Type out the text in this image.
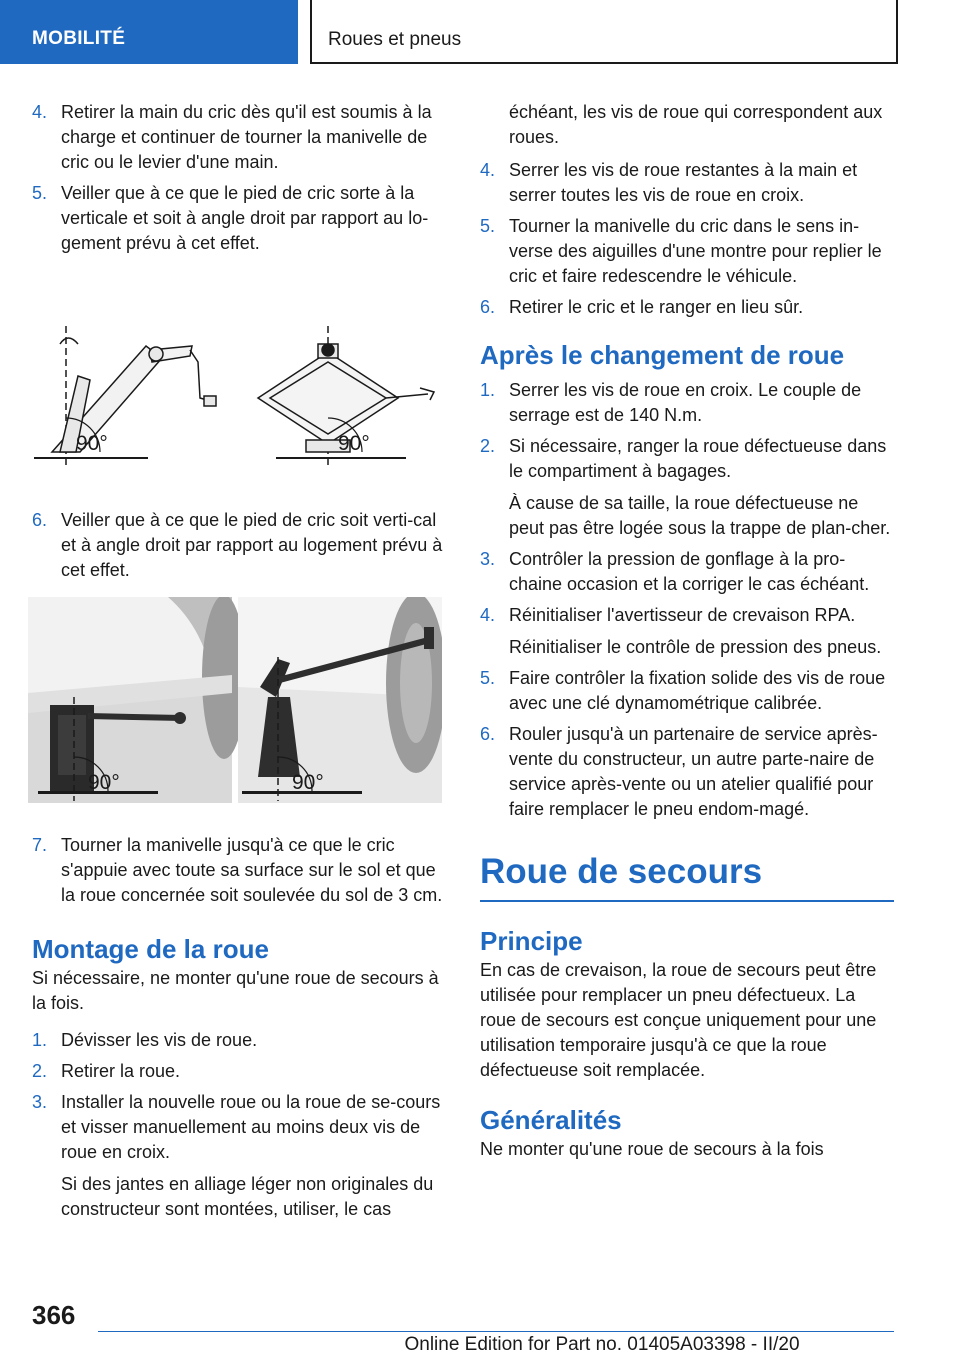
MOBILITÉ	Roues et pneus
4. Retirer la main du cric dès qu'il est soumis à la charge et continuer de tourner la manivelle de cric ou le levier d'une main.

5. Veiller que à ce que le pied de cric sorte à la verticale et soit à angle droit par rapport au lo-gement prévu à cet effet.

90°	90°
6. Veiller que à ce que le pied de cric soit verti-cal et à angle droit par rapport au logement prévu à cet effet.

90°	90°
7. Tourner la manivelle jusqu'à ce que le cric s'appuie avec toute sa surface sur le sol et que la roue concernée soit soulevée du sol de 3 cm.

Montage de la roue

Si nécessaire, ne monter qu'une roue de secours à la fois.

1. Dévisser les vis de roue.

2. Retirer la roue.

3. Installer la nouvelle roue ou la roue de se-cours et visser manuellement au moins deux vis de roue en croix.

Si des jantes en alliage léger non originales du constructeur sont montées, utiliser, le cas

échéant, les vis de roue qui correspondent aux roues.

4. Serrer les vis de roue restantes à la main et serrer toutes les vis de roue en croix.

5. Tourner la manivelle du cric dans le sens in-verse des aiguilles d'une montre pour replier le cric et faire redescendre le véhicule.

6. Retirer le cric et le ranger en lieu sûr.

Après le changement de roue
1. Serrer les vis de roue en croix. Le couple de serrage est de 140 N.m.

2. Si nécessaire, ranger la roue défectueuse dans le compartiment à bagages.

À cause de sa taille, la roue défectueuse ne peut pas être logée sous la trappe de plan-cher.

3. Contrôler la pression de gonflage à la pro-chaine occasion et la corriger le cas échéant.

4. Réinitialiser l'avertisseur de crevaison RPA.

Réinitialiser le contrôle de pression des pneus.

5. Faire contrôler la fixation solide des vis de roue avec une clé dynamométrique calibrée.

6. Rouler jusqu'à un partenaire de service après-vente du constructeur, un autre parte-naire de service après-vente ou un atelier qualifié pour faire remplacer le pneu endom-magé.

Roue de secours
Principe

En cas de crevaison, la roue de secours peut être utilisée pour remplacer un pneu défectueux. La roue de secours est conçue uniquement pour une utilisation temporaire jusqu'à ce que la roue défectueuse soit remplacée.

Généralités

Ne monter qu'une roue de secours à la fois

366
Online Edition for Part no. 01405A03398 - II/20
